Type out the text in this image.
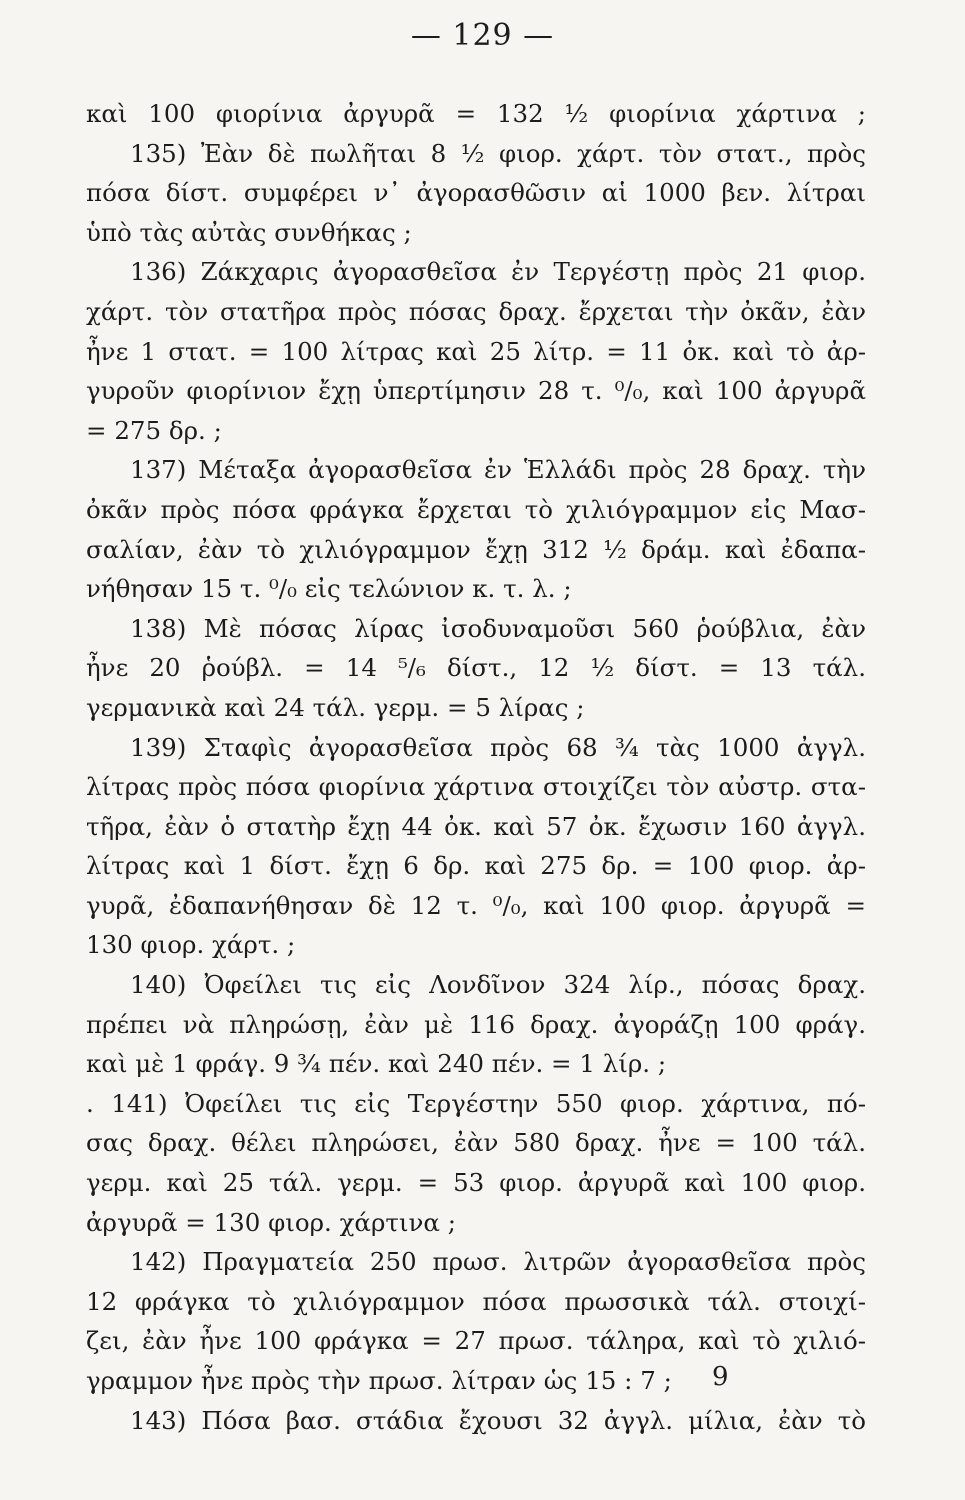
— 129 —
καὶ 100 φιορίνια ἀργυρᾶ = 132 ½ φιορίνια χάρτινα ;
135) Ἐὰν δὲ πωλῆται 8 ½ φιορ. χάρτ. τὸν στατ., πρὸς
πόσα δίστ. συμφέρει ν᾽ ἀγορασθῶσιν αἱ 1000 βεν. λίτραι
ὑπὸ τὰς αὐτὰς συνθήκας ;
136) Ζάκχαρις ἀγορασθεῖσα ἐν Τεργέστῃ πρὸς 21 φιορ.
χάρτ. τὸν στατῆρα πρὸς πόσας δραχ. ἔρχεται τὴν ὀκᾶν, ἐὰν
ἦνε 1 στατ. = 100 λίτρας καὶ 25 λίτρ. = 11 ὀκ. καὶ τὸ ἀρ-
γυροῦν φιορίνιον ἔχῃ ὑπερτίμησιν 28 τ. ⁰/₀, καὶ 100 ἀργυρᾶ
= 275 δρ. ;
137) Μέταξα ἀγορασθεῖσα ἐν Ἑλλάδι πρὸς 28 δραχ. τὴν
ὀκᾶν πρὸς πόσα φράγκα ἔρχεται τὸ χιλιόγραμμον εἰς Μασ-
σαλίαν, ἐὰν τὸ χιλιόγραμμον ἔχῃ 312 ½ δράμ. καὶ ἐδαπα-
νήθησαν 15 τ. ⁰/₀ εἰς τελώνιον κ. τ. λ. ;
138) Μὲ πόσας λίρας ἰσοδυναμοῦσι 560 ῥούβλια, ἐὰν
ἦνε 20 ῥούβλ. = 14 ⁵/₆ δίστ., 12 ½ δίστ. = 13 τάλ.
γερμανικὰ καὶ 24 τάλ. γερμ. = 5 λίρας ;
139) Σταφὶς ἀγορασθεῖσα πρὸς 68 ¾ τὰς 1000 ἀγγλ.
λίτρας πρὸς πόσα φιορίνια χάρτινα στοιχίζει τὸν αὐστρ. στα-
τῆρα, ἐὰν ὁ στατὴρ ἔχῃ 44 ὀκ. καὶ 57 ὀκ. ἔχωσιν 160 ἀγγλ.
λίτρας καὶ 1 δίστ. ἔχῃ 6 δρ. καὶ 275 δρ. = 100 φιορ. ἀρ-
γυρᾶ, ἐδαπανήθησαν δὲ 12 τ. ⁰/₀, καὶ 100 φιορ. ἀργυρᾶ =
130 φιορ. χάρτ. ;
140) Ὀφείλει τις εἰς Λονδῖνον 324 λίρ., πόσας δραχ.
πρέπει νὰ πληρώσῃ, ἐὰν μὲ 116 δραχ. ἀγοράζῃ 100 φράγ.
καὶ μὲ 1 φράγ. 9 ¾ πέν. καὶ 240 πέν. = 1 λίρ. ;
. 141) Ὀφείλει τις εἰς Τεργέστην 550 φιορ. χάρτινα, πό-
σας δραχ. θέλει πληρώσει, ἐὰν 580 δραχ. ἦνε = 100 τάλ.
γερμ. καὶ 25 τάλ. γερμ. = 53 φιορ. ἀργυρᾶ καὶ 100 φιορ.
ἀργυρᾶ = 130 φιορ. χάρτινα ;
142) Πραγματεία 250 πρωσ. λιτρῶν ἀγορασθεῖσα πρὸς
12 φράγκα τὸ χιλιόγραμμον πόσα πρωσσικὰ τάλ. στοιχί-
ζει, ἐὰν ἦνε 100 φράγκα = 27 πρωσ. τάληρα, καὶ τὸ χιλιό-
γραμμον ἦνε πρὸς τὴν πρωσ. λίτραν ὡς 15 : 7 ;
143) Πόσα βασ. στάδια ἔχουσι 32 ἀγγλ. μίλια, ἐὰν τὸ
9
